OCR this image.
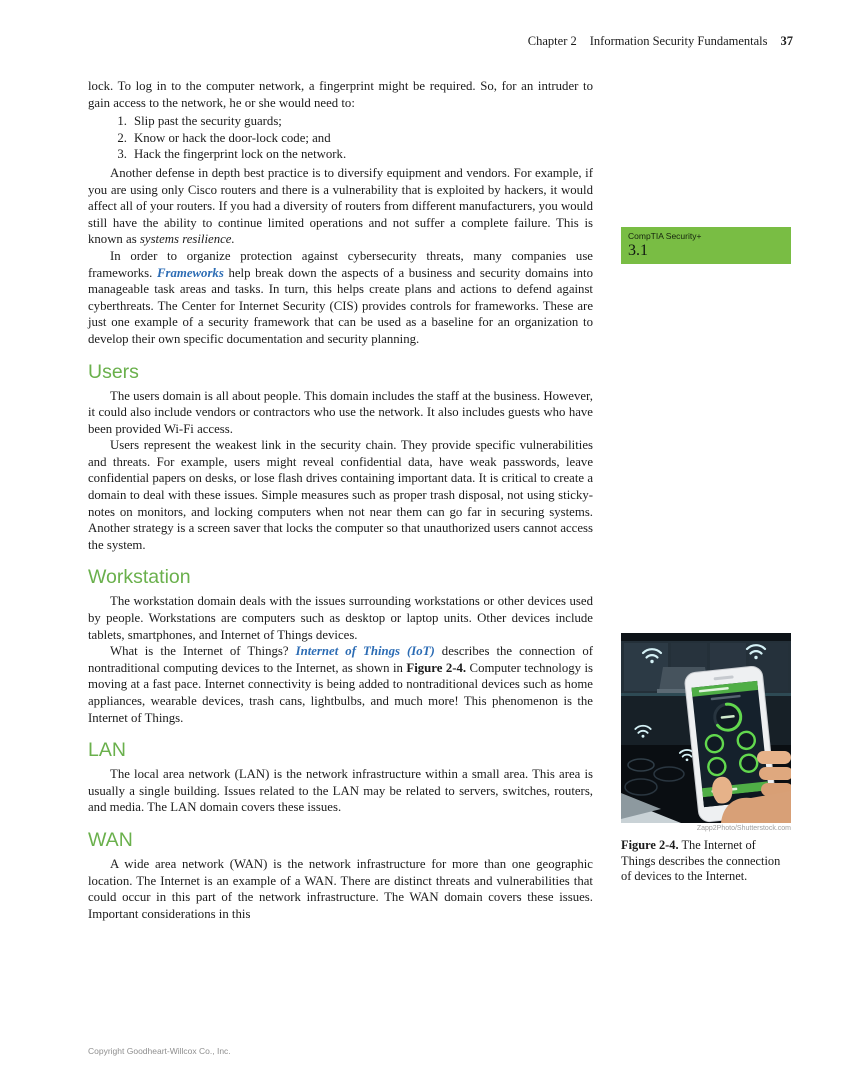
Chapter 2 Information Security Fundamentals 37

lock. To log in to the computer network, a fingerprint might be required. So, for an intruder to gain access to the network, he or she would need to:

1. Slip past the security guards;
2. Know or hack the door-lock code; and
3. Hack the fingerprint lock on the network.

Another defense in depth best practice is to diversify equipment and vendors. For example, if you are using only Cisco routers and there is a vulnerability that is exploited by hackers, it would affect all of your routers. If you had a diversity of routers from different manufacturers, you would still have the ability to continue limited operations and not suffer a complete failure. This is known as systems resilience.

In order to organize protection against cybersecurity threats, many companies use frameworks. Frameworks help break down the aspects of a business and security domains into manageable task areas and tasks. In turn, this helps create plans and actions to defend against cyberthreats. The Center for Internet Security (CIS) provides controls for frameworks. These are just one example of a security framework that can be used as a baseline for an organization to develop their own specific documentation and security planning.

Users

The users domain is all about people. This domain includes the staff at the business. However, it could also include vendors or contractors who use the network. It also includes guests who have been provided Wi-Fi access.

Users represent the weakest link in the security chain. They provide specific vulnerabilities and threats. For example, users might reveal confidential data, have weak passwords, leave confidential papers on desks, or lose flash drives containing important data. It is critical to create a domain to deal with these issues. Simple measures such as proper trash disposal, not using sticky-notes on monitors, and locking computers when not near them can go far in securing systems. Another strategy is a screen saver that locks the computer so that unauthorized users cannot access the system.

Workstation

The workstation domain deals with the issues surrounding workstations or other devices used by people. Workstations are computers such as desktop or laptop units. Other devices include tablets, smartphones, and Internet of Things devices.

What is the Internet of Things? Internet of Things (IoT) describes the connection of nontraditional computing devices to the Internet, as shown in Figure 2-4. Computer technology is moving at a fast pace. Internet connectivity is being added to nontraditional devices such as home appliances, wearable devices, trash cans, lightbulbs, and much more! This phenomenon is the Internet of Things.

LAN

The local area network (LAN) is the network infrastructure within a small area. This area is usually a single building. Issues related to the LAN may be related to servers, switches, routers, and media. The LAN domain covers these issues.

WAN

A wide area network (WAN) is the network infrastructure for more than one geographic location. The Internet is an example of a WAN. There are distinct threats and vulnerabilities that could occur in this part of the network infrastructure. The WAN domain covers these issues. Important considerations in this

CompTIA Security+
3.1
Zapp2Photo/Shutterstock.com
Figure 2-4. The Internet of Things describes the connection of devices to the Internet.
Copyright Goodheart-Willcox Co., Inc.
